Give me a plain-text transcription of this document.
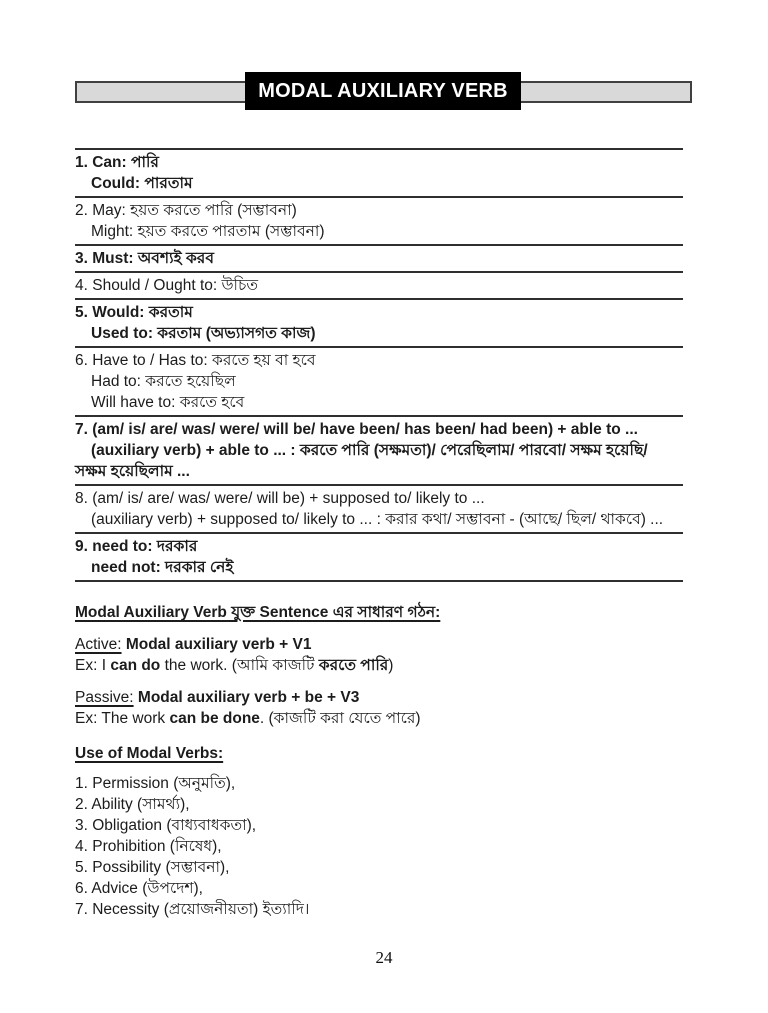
MODAL AUXILIARY VERB
1. Can: পারি
Could: পারতাম
2. May: হয়ত করতে পারি (সম্ভাবনা)
Might: হয়ত করতে পারতাম (সম্ভাবনা)
3. Must: অবশ্যই করব
4. Should / Ought to: উচিত
5. Would: করতাম
Used to: করতাম (অভ্যাসগত কাজ)
6. Have to / Has to: করতে হয় বা হবে
Had to: করতে হয়েছিল
Will have to: করতে হবে
7. (am/ is/ are/ was/ were/ will be/ have been/ has been/ had been) + able to ...
(auxiliary verb) + able to ... : করতে পারি (সক্ষমতা)/ পেরেছিলাম/ পারবো/ সক্ষম হয়েছি/ সক্ষম হয়েছিলাম ...
8. (am/ is/ are/ was/ were/ will be) + supposed to/ likely to ...
(auxiliary verb) + supposed to/ likely to ... : করার কথা/ সম্ভাবনা - (আছে/ ছিল/ থাকবে) ...
9. need to: দরকার
need not: দরকার নেই
Modal Auxiliary Verb যুক্ত Sentence এর সাধারণ গঠন:
Active: Modal auxiliary verb + V1
Ex: I can do the work. (আমি কাজটি করতে পারি)
Passive: Modal auxiliary verb + be + V3
Ex: The work can be done. (কাজটি করা যেতে পারে)
Use of Modal Verbs:
1. Permission (অনুমতি),
2. Ability (সামর্থ্য),
3. Obligation (বাধ্যবাধকতা),
4. Prohibition (নিষেধ),
5. Possibility (সম্ভাবনা),
6. Advice (উপদেশ),
7. Necessity (প্রয়োজনীয়তা) ইত্যাদি।
24
